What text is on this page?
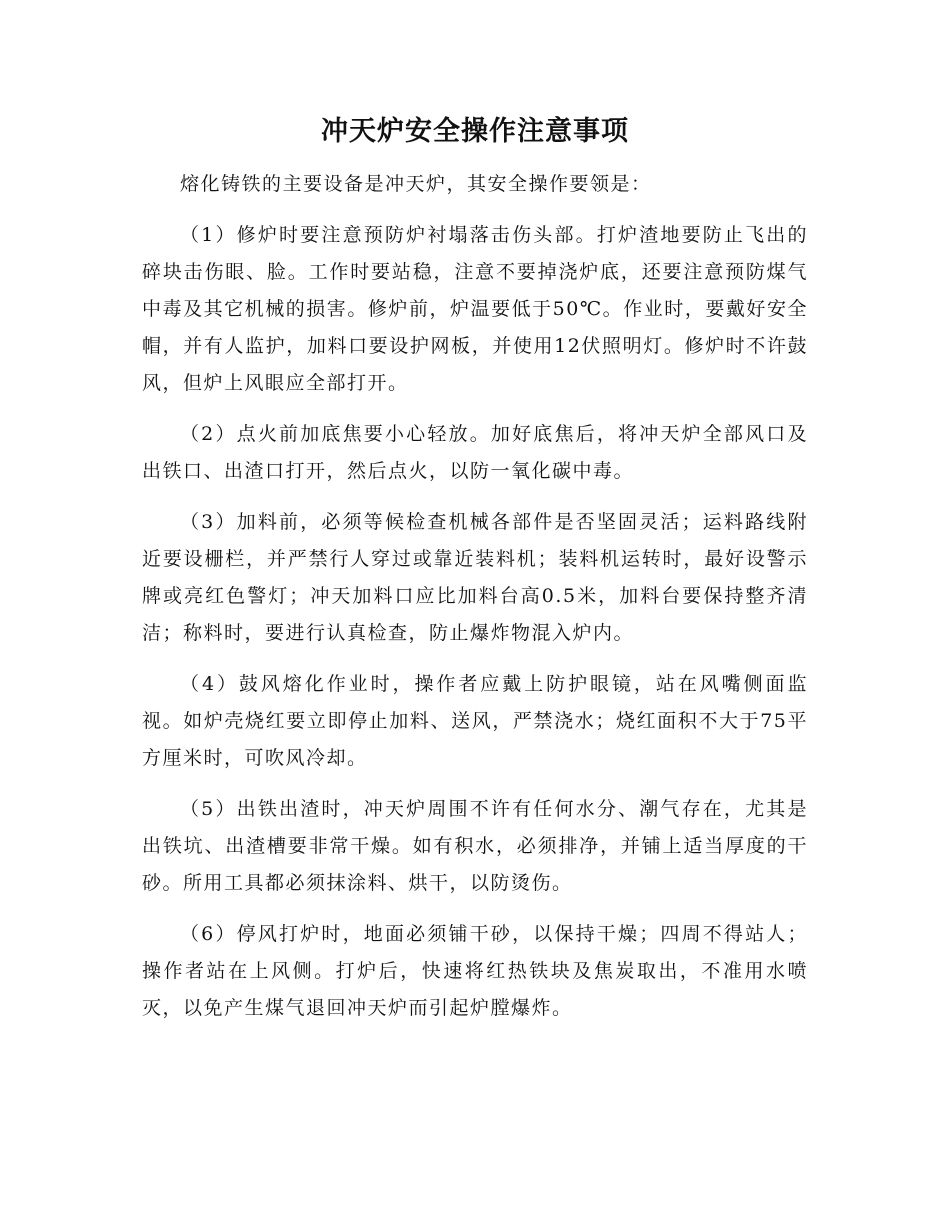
冲天炉安全操作注意事项

熔化铸铁的主要设备是冲天炉，其安全操作要领是：

（1）修炉时要注意预防炉衬塌落击伤头部。打炉渣地要防止飞出的碎块击伤眼、脸。工作时要站稳，注意不要掉浇炉底，还要注意预防煤气中毒及其它机械的损害。修炉前，炉温要低于50℃。作业时，要戴好安全帽，并有人监护，加料口要设护网板，并使用12伏照明灯。修炉时不许鼓风，但炉上风眼应全部打开。

（2）点火前加底焦要小心轻放。加好底焦后，将冲天炉全部风口及出铁口、出渣口打开，然后点火，以防一氧化碳中毒。

（3）加料前，必须等候检查机械各部件是否坚固灵活；运料路线附近要设栅栏，并严禁行人穿过或靠近装料机；装料机运转时，最好设警示牌或亮红色警灯；冲天加料口应比加料台高0.5米，加料台要保持整齐清洁；称料时，要进行认真检查，防止爆炸物混入炉内。

（4）鼓风熔化作业时，操作者应戴上防护眼镜，站在风嘴侧面监视。如炉壳烧红要立即停止加料、送风，严禁浇水；烧红面积不大于75平方厘米时，可吹风冷却。

（5）出铁出渣时，冲天炉周围不许有任何水分、潮气存在，尤其是出铁坑、出渣槽要非常干燥。如有积水，必须排净，并铺上适当厚度的干砂。所用工具都必须抹涂料、烘干，以防烫伤。

（6）停风打炉时，地面必须铺干砂，以保持干燥；四周不得站人；操作者站在上风侧。打炉后，快速将红热铁块及焦炭取出，不准用水喷灭，以免产生煤气退回冲天炉而引起炉膛爆炸。
